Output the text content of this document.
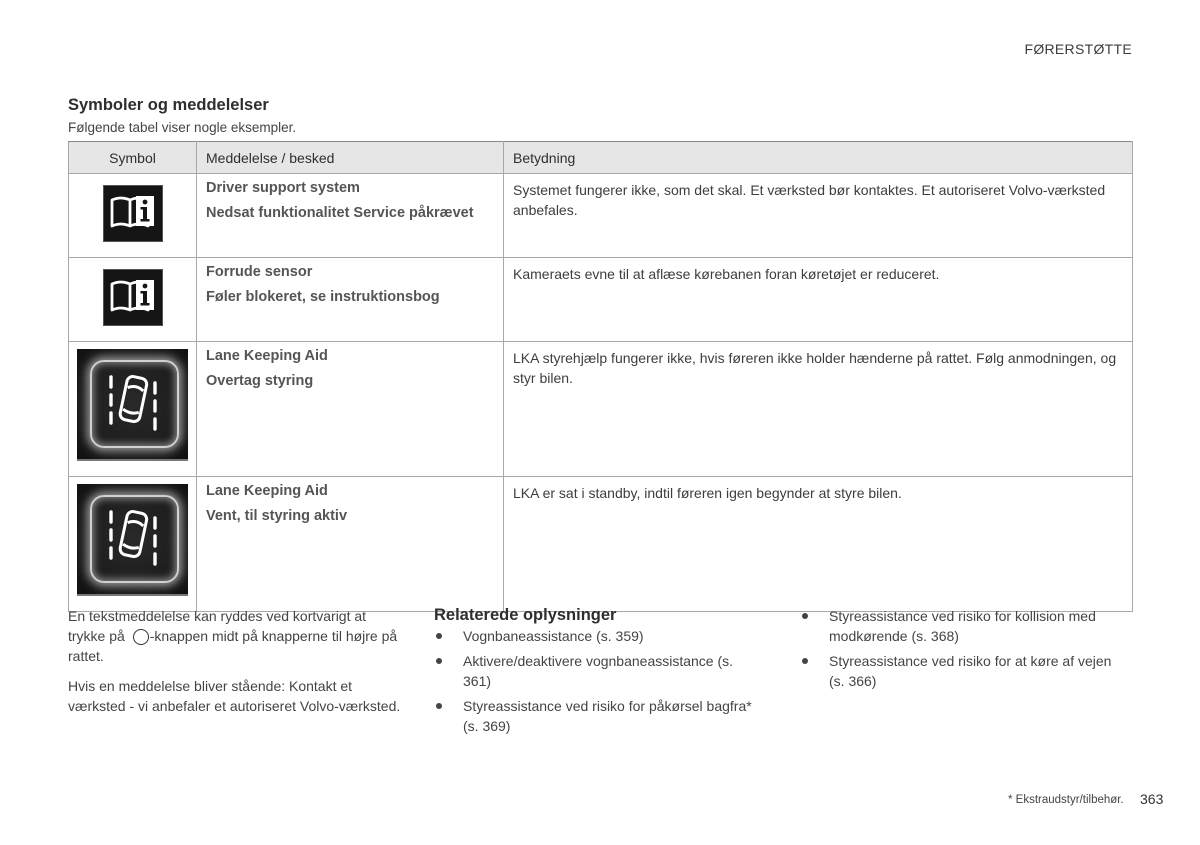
FØRERSTØTTE
Symboler og meddelelser
Følgende tabel viser nogle eksempler.
Symbol	Meddelelse / besked	Betydning

Driver support system
Nedsat funktionalitet Service påkrævet	Systemet fungerer ikke, som det skal. Et værksted bør kontaktes. Et autoriseret Volvo-værksted anbefales.

Forrude sensor
Føler blokeret, se instruktionsbog	Kameraets evne til at aflæse kørebanen foran køretøjet er reduceret.

Lane Keeping Aid
Overtag styring	LKA styrehjælp fungerer ikke, hvis føreren ikke holder hænderne på rattet. Følg anmodningen, og styr bilen.

Lane Keeping Aid
Vent, til styring aktiv	LKA er sat i standby, indtil føreren igen begynder at styre bilen.
En tekstmeddelelse kan ryddes ved kortvarigt at trykke på -knappen midt på knapperne til højre på rattet.
Hvis en meddelelse bliver stående: Kontakt et værksted - vi anbefaler et autoriseret Volvo-værksted.
Relaterede oplysninger
Vognbaneassistance (s. 359)
Aktivere/deaktivere vognbaneassistance (s. 361)
Styreassistance ved risiko for påkørsel bagfra* (s. 369)
Styreassistance ved risiko for kollision med modkørende (s. 368)
Styreassistance ved risiko for at køre af vejen (s. 366)
* Ekstraudstyr/tilbehør. 363
